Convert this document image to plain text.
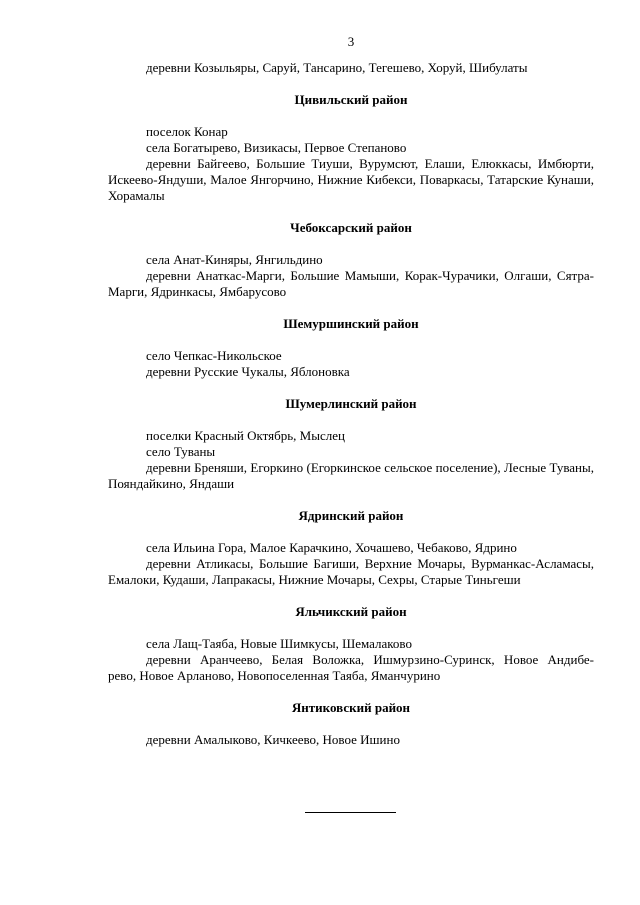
3

деревни Козыльяры, Саруй, Тансарино, Тегешево, Хоруй, Шибулаты

Цивильский район

поселок Конар

села Богатырево, Визикасы, Первое Степаново

деревни Байгеево, Большие Тиуши, Вурумсют, Елаши, Елюккасы, Имбюрти, Искеево-Яндуши, Малое Янгорчино, Нижние Кибекси, Поваркасы, Татарские Кунаши, Хорамалы

Чебоксарский район

села Анат-Киняры, Янгильдино

деревни Анаткас-Марги, Большие Мамыши, Корак-Чурачики, Олгаши, Сятра-Марги, Ядринкасы, Ямбарусово

Шемуршинский район

село Чепкас-Никольское

деревни Русские Чукалы, Яблоновка

Шумерлинский район

поселки Красный Октябрь, Мыслец

село Туваны

деревни Бреняши, Егоркино (Егоркинское сельское поселение), Лесные Туваны, Пояндайкино, Яндаши

Ядринский район

села Ильина Гора, Малое Карачкино, Хочашево, Чебаково, Ядрино

деревни Атликасы, Большие Багиши, Верхние Мочары, Вурманкас-Асламасы, Емалоки, Кудаши, Лапракасы, Нижние Мочары, Сехры, Старые Тиньгеши

Яльчикский район

села Лащ-Таяба, Новые Шимкусы, Шемалаково

деревни Аранчеево, Белая Воложка, Ишмурзино-Суринск, Новое Андибе-

рево, Новое Арланово, Новопоселенная Таяба, Яманчурино

Янтиковский район

деревни Амалыково, Кичкеево, Новое Ишино
